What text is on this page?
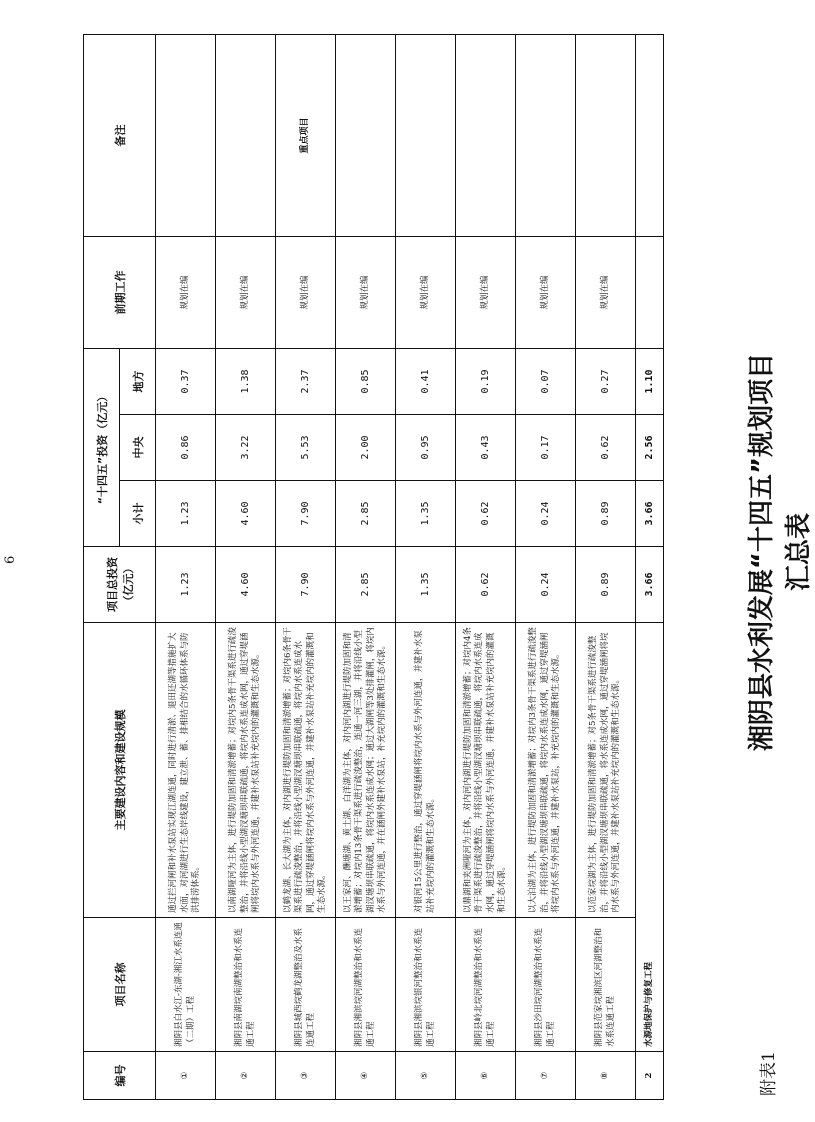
附表1
湘阴县水利发展“十四五”规划项目汇总表
6
编号	项目名称	主要建设内容和建设规模	项目总投资（亿元）	“十四五”投资（亿元）			前期工作	备注
				小计	中央	地方		
①	湘阴县白水江-东湖-湘江水系连通（二期）工程	通过拦河闸和补水泵站实现江湖连通，同时进行清淤、退田还湖等措施扩大水面，对河湖进行生态岸线建设，建立泄、蓄、排相结合的水循环体系与防洪排涝体系。	1.23	1.23	0.86	0.37	规划在编	
②	湘阴县南湖垸南湖整治和水系连通工程	以南湖哑河为主体，进行堤防加固和清淤增蓄；对垸内5条骨干渠系进行疏浚整治，并将沿线小型湖汊塘坝串联疏通，将垸内水系连成水网，通过穿堤涵闸将垸内水系与外河连通，并建补水泵站补充垸内的灌溉和生态水源。	4.60	4.60	3.22	1.38	规划在编	
③	湘阴县城西垸鹤龙湖整治及水系连通工程	以鹤龙湖、长大湖为主体，对内湖进行堤防加固和清淤增蓄；对垸内6条骨干渠系进行疏浚整治，并将沿线小型湖汊塘坝串联疏通，将垸内水系连成水网，通过穿堤涵闸将垸内水系与外河连通，并建补水泵站补充垸内的灌溉和生态水源。	7.90	7.90	5.53	2.37	规划在编	重点项目
④	湘阴县湘滨垸河湖整治和水系连通工程	以王家河、酬塘湖、黄土湖、白洋湖为主体，对内河内湖进行堤防加固和清淤增蓄；对垸内13条骨干渠系进行疏浚整治，连通一河三湖，并将沿线小型湖汊塘坝串联疏通，将垸内水系连成水网；通过大湖闸等3处排灌闸，将垸内水系与外河连通，并在涵闸外建补水泵站，补充垸内的灌溉和生态水源。	2.85	2.85	2.00	0.85	规划在编	
⑤	湘阴县湘滨垸银河整治和水系连通工程	对银河15公里进行整治，通过穿堤涵闸将垸内水系与外河连通，并建补水泵站补充垸内的灌溉和生态水源。	1.35	1.35	0.95	0.41	规划在编	
⑥	湘阴县岭北垸河湖整治和水系连通工程	以鼎湖和夹洲哑河为主体，对内河内湖进行堤防加固和清淤增蓄；对垸内4条骨干渠系进行疏浚整治，并将沿线小型湖汊塘坝串联疏通，将垸内水系连成水网，通过穿堤涵闸将垸内水系与外河连通，并建补水泵站补充垸内的灌溉和生态水源。	0.62	0.62	0.43	0.19	规划在编	
⑦	湘阴县沙田垸河湖整治和水系连通工程	以大泊湖为主体，进行堤防加固和清淤增蓄；对垸内3条骨干渠系进行疏浚整治，并将沿线小型湖汊塘坝串联疏通，将垸内水系连成水网，通过穿堤涵闸将垸内水系与外河连通，并建补水泵站，补充垸内的灌溉和生态水源。	0.24	0.24	0.17	0.07	规划在编	
⑧	湘阴县范家垸湘滨区河湖整治和水系连通工程	以范家垸湖为主体，进行堤防加固和清淤增蓄；对5条骨干渠系进行疏浚整治，并将沿线小型湖汊塘坝串联疏通，将水系连成水网，通过穿堤涵闸将垸内水系与外河连通，并建补水泵站补充垸内的灌溉和生态水源。	0.89	0.89	0.62	0.27	规划在编	
2	水源地保护与修复工程		3.66	3.66	2.56	1.10		
